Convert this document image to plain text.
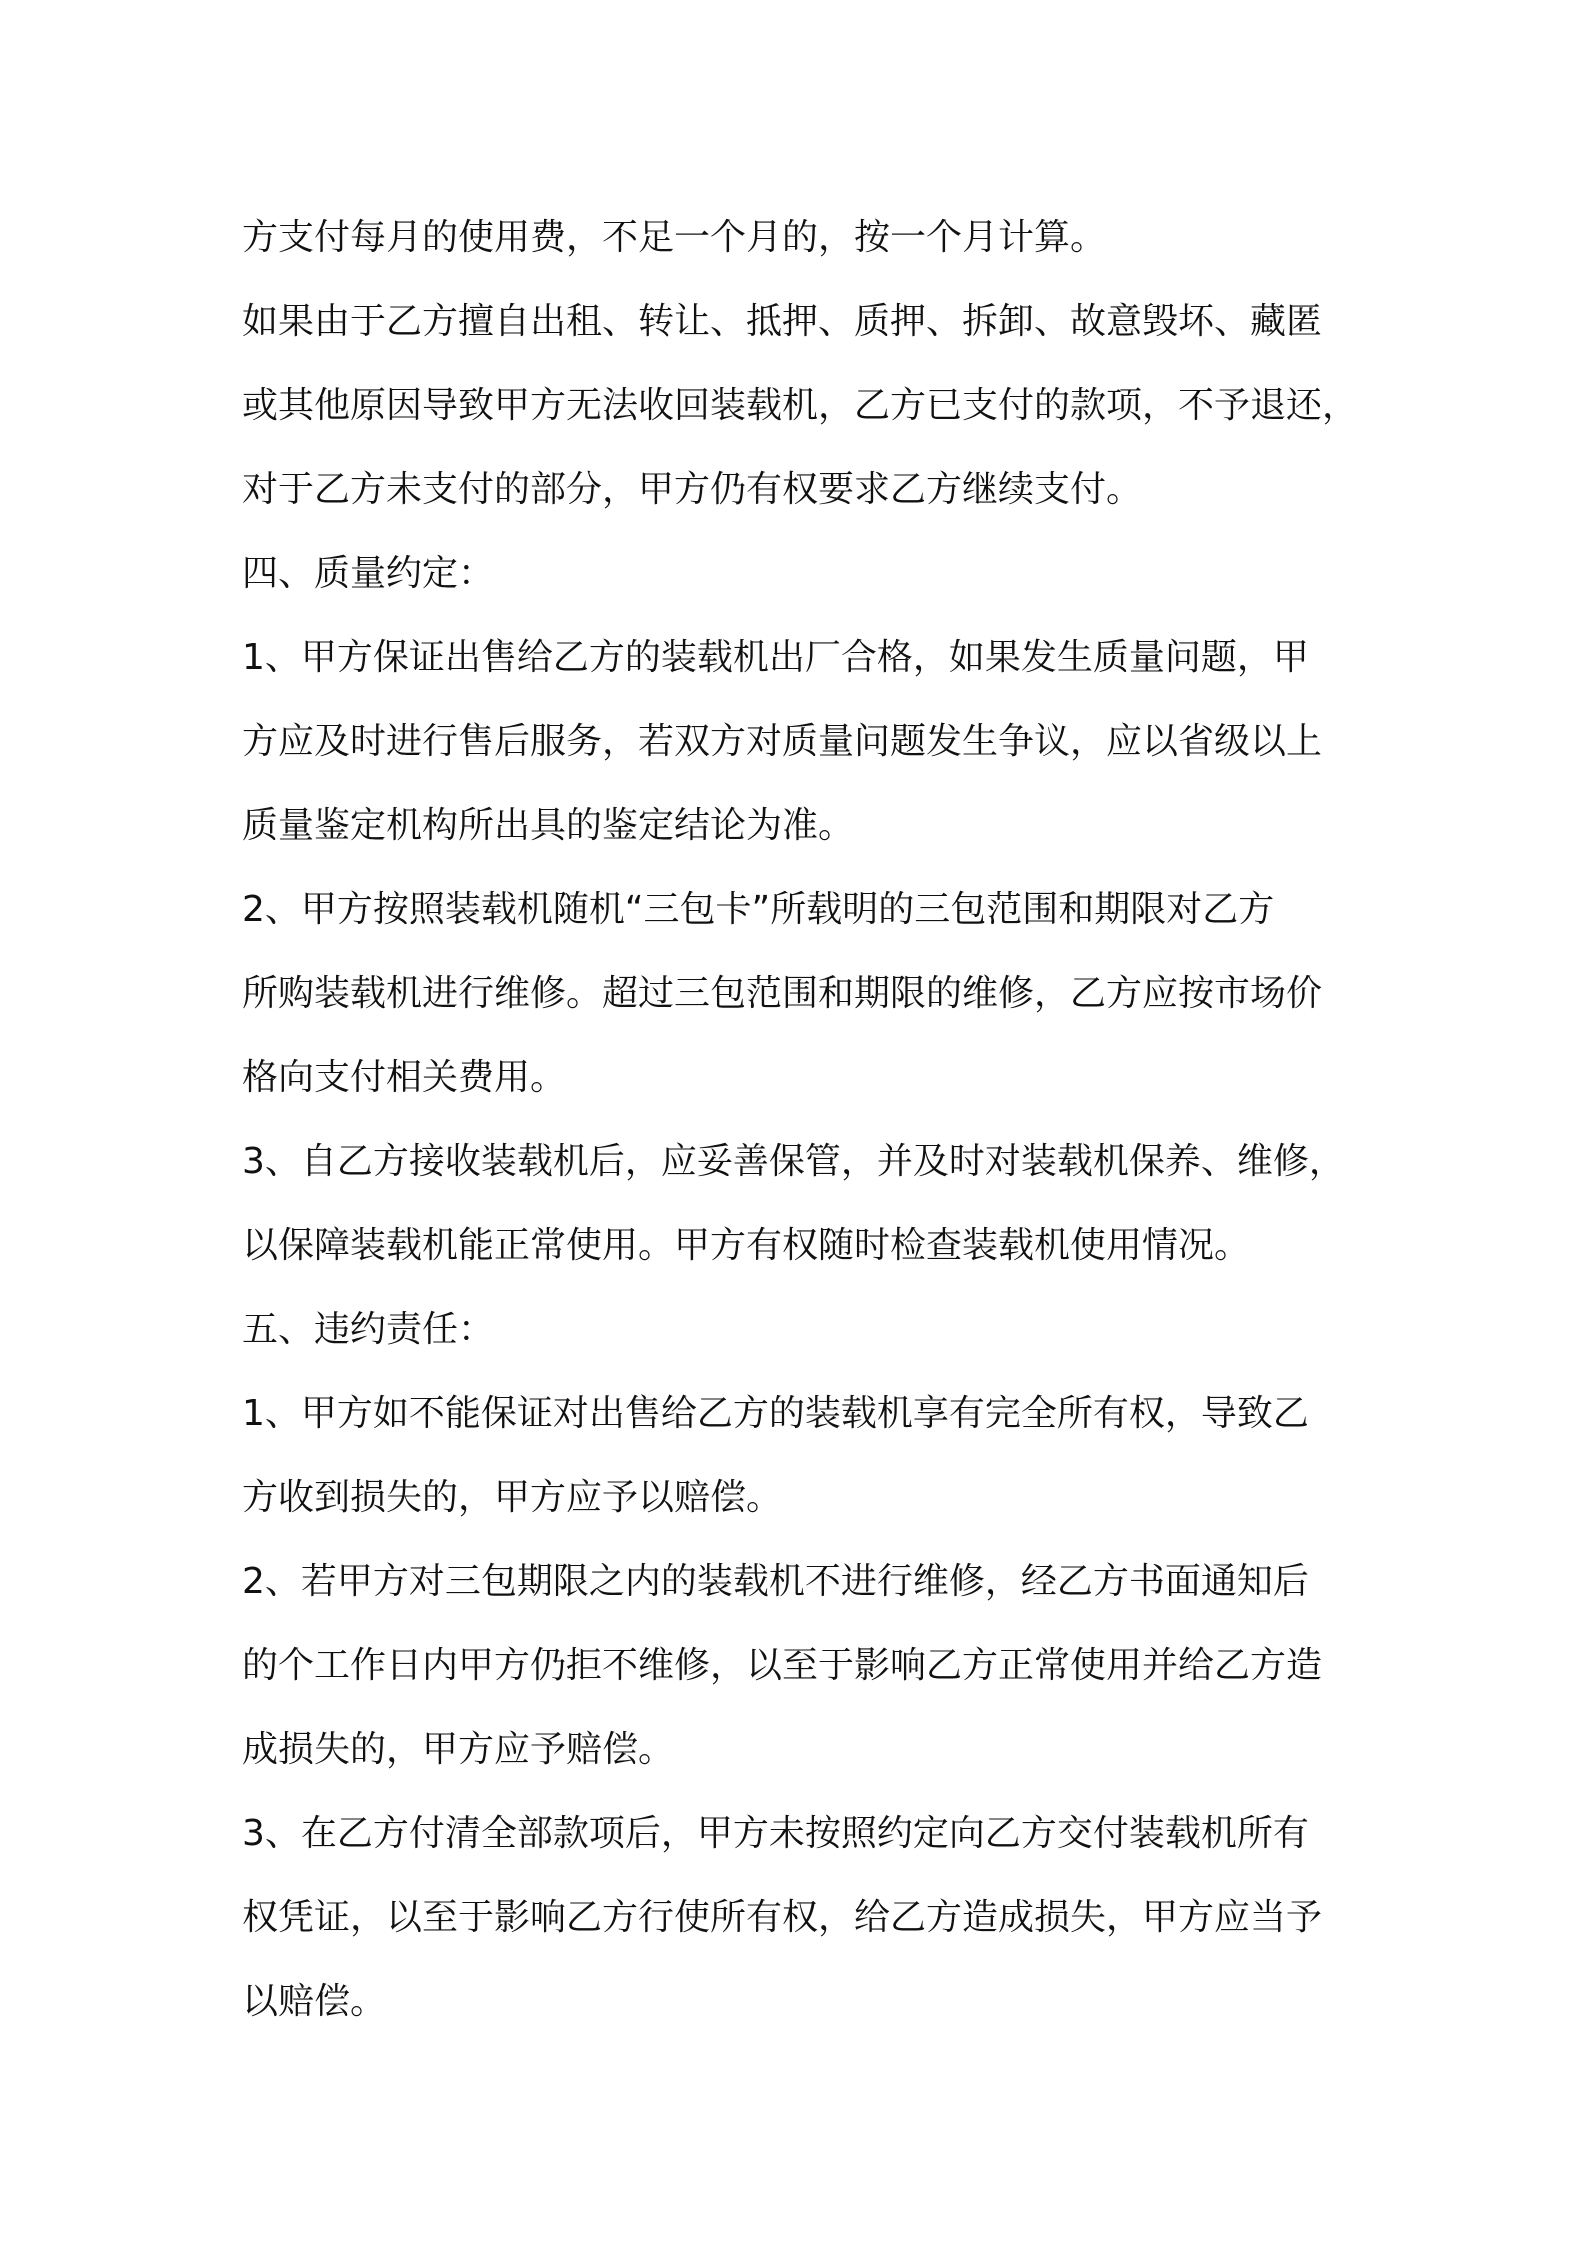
方支付每月的使用费，不足一个月的，按一个月计算。
如果由于乙方擅自出租、转让、抵押、质押、拆卸、故意毁坏、藏匿
或其他原因导致甲方无法收回装载机，乙方已支付的款项，不予退还，
对于乙方未支付的部分，甲方仍有权要求乙方继续支付。
四、质量约定：
1、甲方保证出售给乙方的装载机出厂合格，如果发生质量问题，甲
方应及时进行售后服务，若双方对质量问题发生争议，应以省级以上
质量鉴定机构所出具的鉴定结论为准。
2、甲方按照装载机随机“三包卡”所载明的三包范围和期限对乙方
所购装载机进行维修。超过三包范围和期限的维修，乙方应按市场价
格向支付相关费用。
3、自乙方接收装载机后，应妥善保管，并及时对装载机保养、维修，
以保障装载机能正常使用。甲方有权随时检查装载机使用情况。
五、违约责任：
1、甲方如不能保证对出售给乙方的装载机享有完全所有权，导致乙
方收到损失的，甲方应予以赔偿。
2、若甲方对三包期限之内的装载机不进行维修，经乙方书面通知后
的个工作日内甲方仍拒不维修，以至于影响乙方正常使用并给乙方造
成损失的，甲方应予赔偿。
3、在乙方付清全部款项后，甲方未按照约定向乙方交付装载机所有
权凭证，以至于影响乙方行使所有权，给乙方造成损失，甲方应当予
以赔偿。
